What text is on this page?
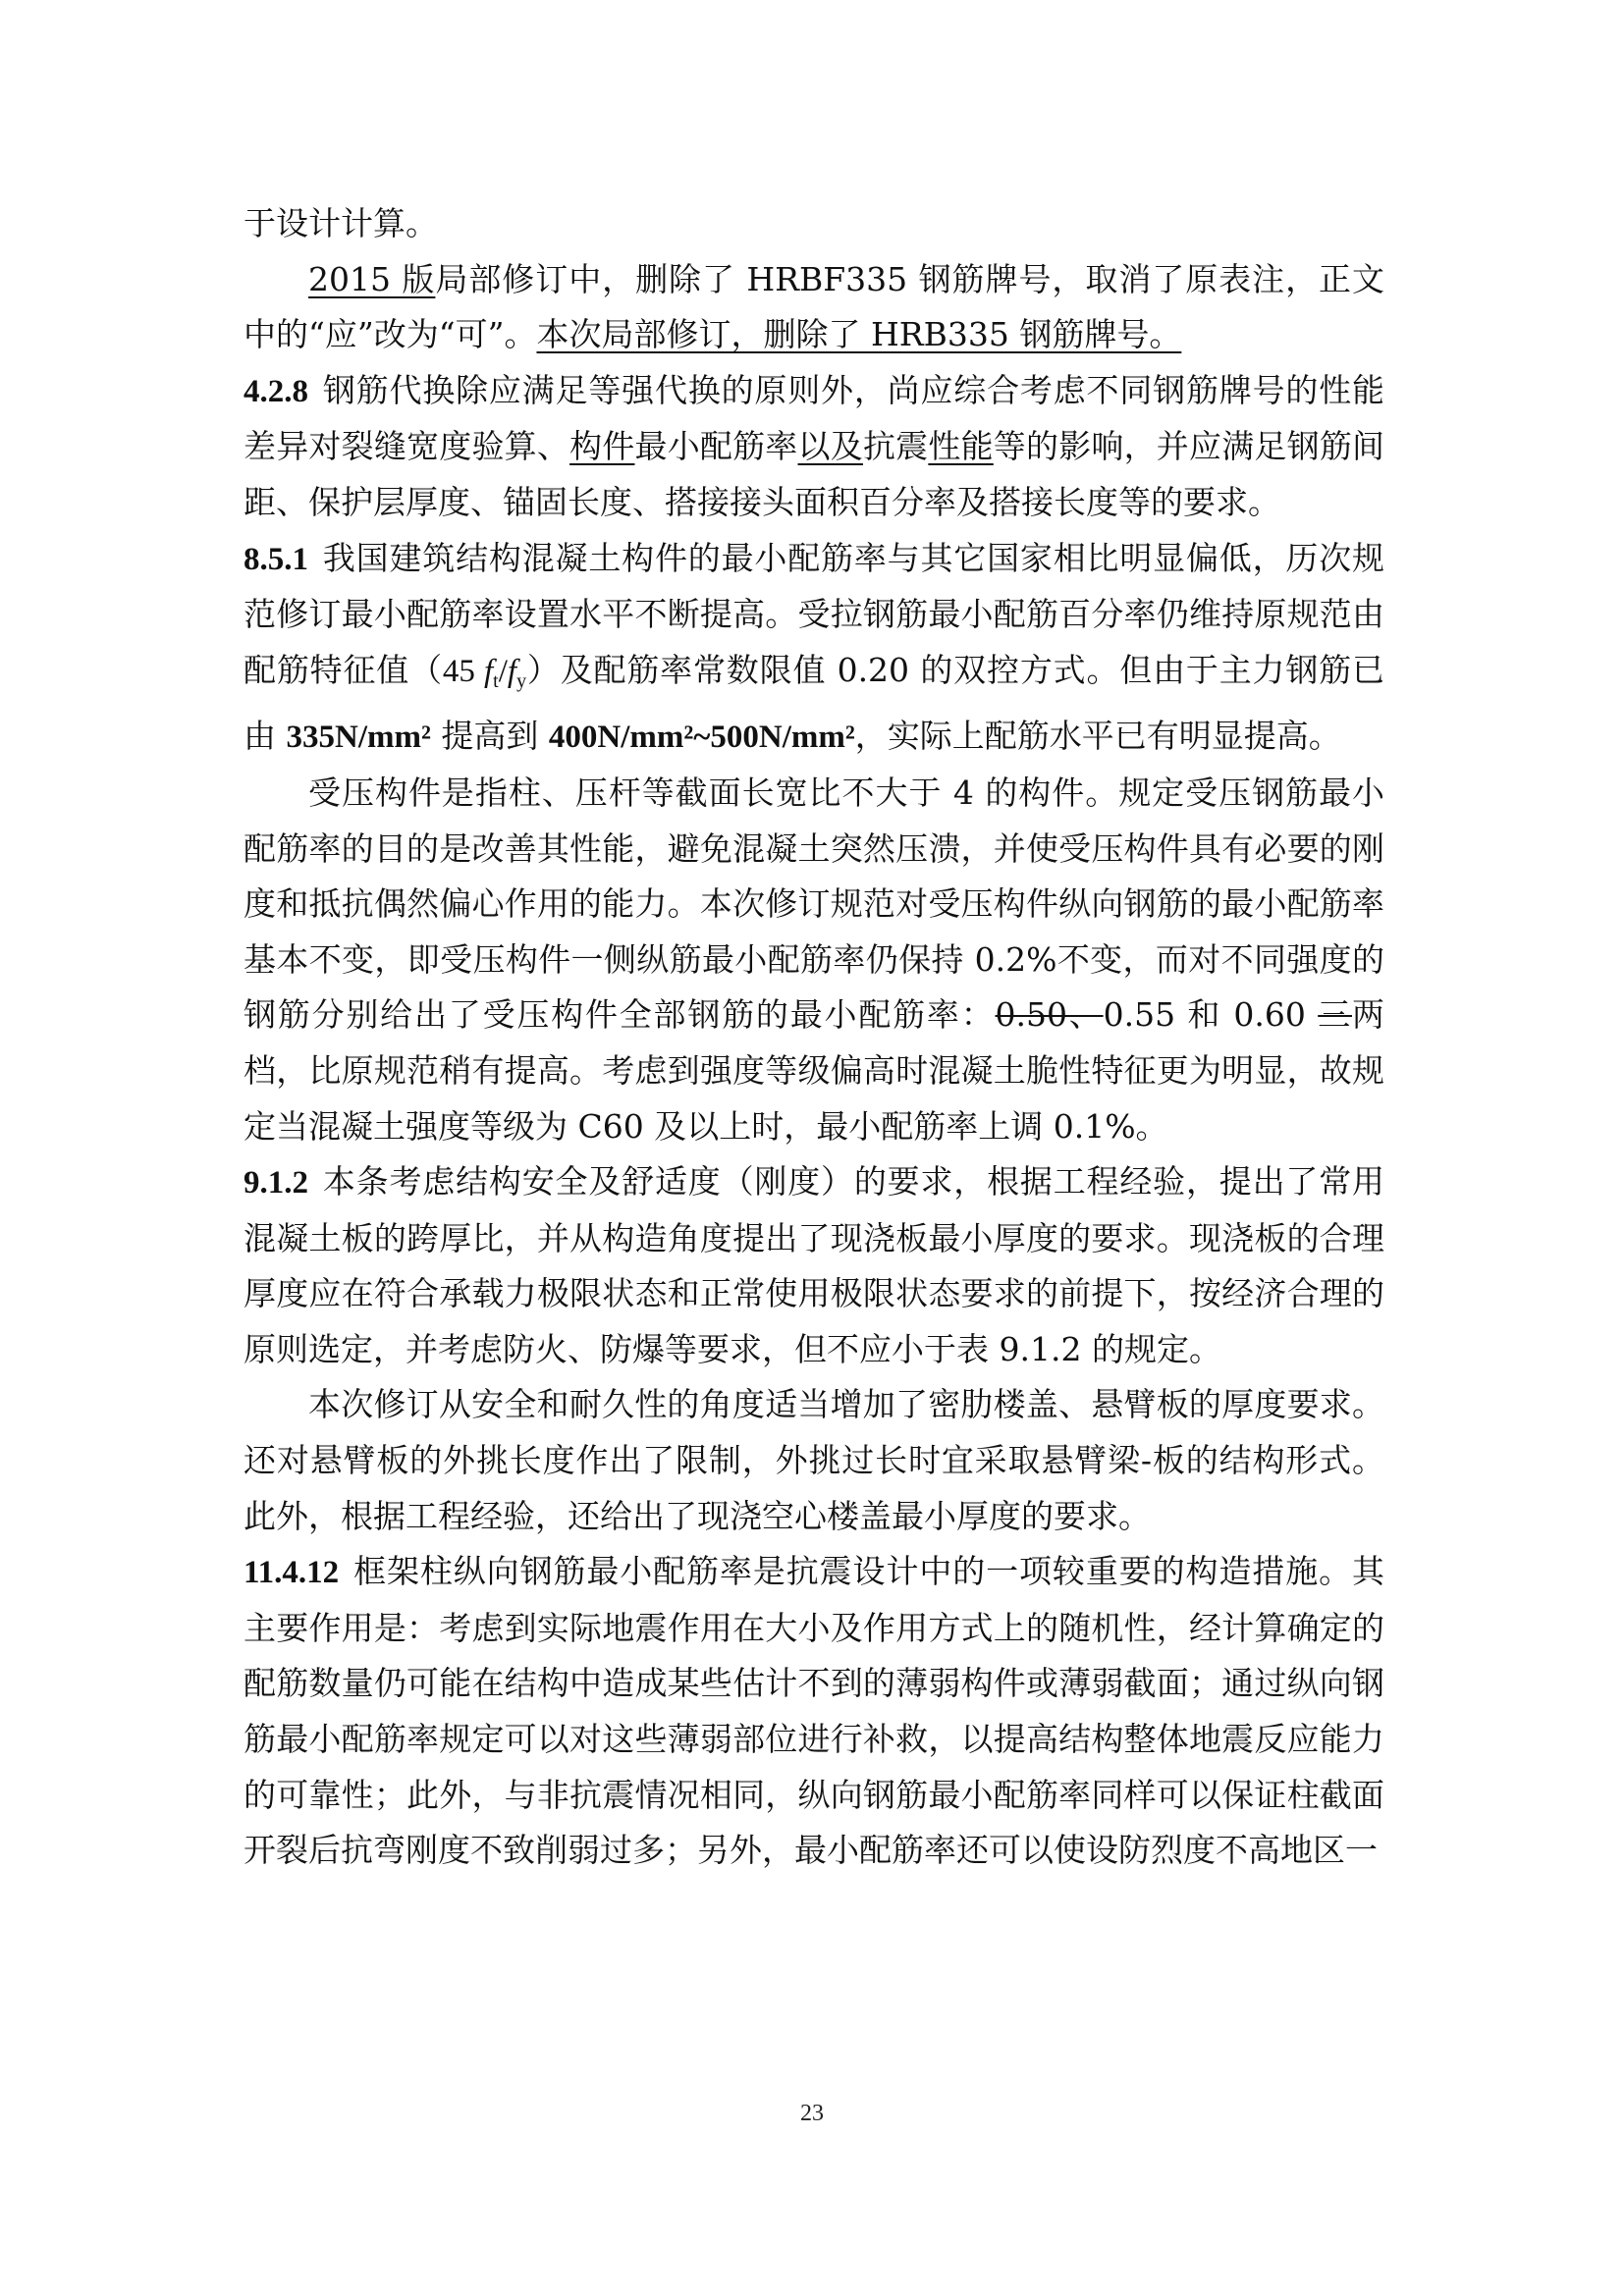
于设计计算。

2015 版局部修订中，删除了 HRBF335 钢筋牌号，取消了原表注，正文中的“应”改为“可”。本次局部修订，删除了 HRB335 钢筋牌号。

4.2.8 钢筋代换除应满足等强代换的原则外，尚应综合考虑不同钢筋牌号的性能差异对裂缝宽度验算、构件最小配筋率以及抗震性能等的影响，并应满足钢筋间距、保护层厚度、锚固长度、搭接接头面积百分率及搭接长度等的要求。

8.5.1 我国建筑结构混凝土构件的最小配筋率与其它国家相比明显偏低，历次规范修订最小配筋率设置水平不断提高。受拉钢筋最小配筋百分率仍维持原规范由配筋特征值（45 $f_t/f_y$）及配筋率常数限值 0.20 的双控方式。但由于主力钢筋已由 335N/mm² 提高到 400N/mm²~500N/mm²，实际上配筋水平已有明显提高。

受压构件是指柱、压杆等截面长宽比不大于 4 的构件。规定受压钢筋最小配筋率的目的是改善其性能，避免混凝土突然压溃，并使受压构件具有必要的刚度和抵抗偶然偏心作用的能力。本次修订规范对受压构件纵向钢筋的最小配筋率基本不变，即受压构件一侧纵筋最小配筋率仍保持 0.2%不变，而对不同强度的钢筋分别给出了受压构件全部钢筋的最小配筋率：0.50、0.55 和 0.60 三两档，比原规范稍有提高。考虑到强度等级偏高时混凝土脆性特征更为明显，故规定当混凝土强度等级为 C60 及以上时，最小配筋率上调 0.1%。

9.1.2 本条考虑结构安全及舒适度（刚度）的要求，根据工程经验，提出了常用混凝土板的跨厚比，并从构造角度提出了现浇板最小厚度的要求。现浇板的合理厚度应在符合承载力极限状态和正常使用极限状态要求的前提下，按经济合理的原则选定，并考虑防火、防爆等要求，但不应小于表 9.1.2 的规定。

本次修订从安全和耐久性的角度适当增加了密肋楼盖、悬臂板的厚度要求。还对悬臂板的外挑长度作出了限制，外挑过长时宜采取悬臂梁-板的结构形式。此外，根据工程经验，还给出了现浇空心楼盖最小厚度的要求。

11.4.12 框架柱纵向钢筋最小配筋率是抗震设计中的一项较重要的构造措施。其主要作用是：考虑到实际地震作用在大小及作用方式上的随机性，经计算确定的配筋数量仍可能在结构中造成某些估计不到的薄弱构件或薄弱截面；通过纵向钢筋最小配筋率规定可以对这些薄弱部位进行补救，以提高结构整体地震反应能力的可靠性；此外，与非抗震情况相同，纵向钢筋最小配筋率同样可以保证柱截面开裂后抗弯刚度不致削弱过多；另外，最小配筋率还可以使设防烈度不高地区一

23
